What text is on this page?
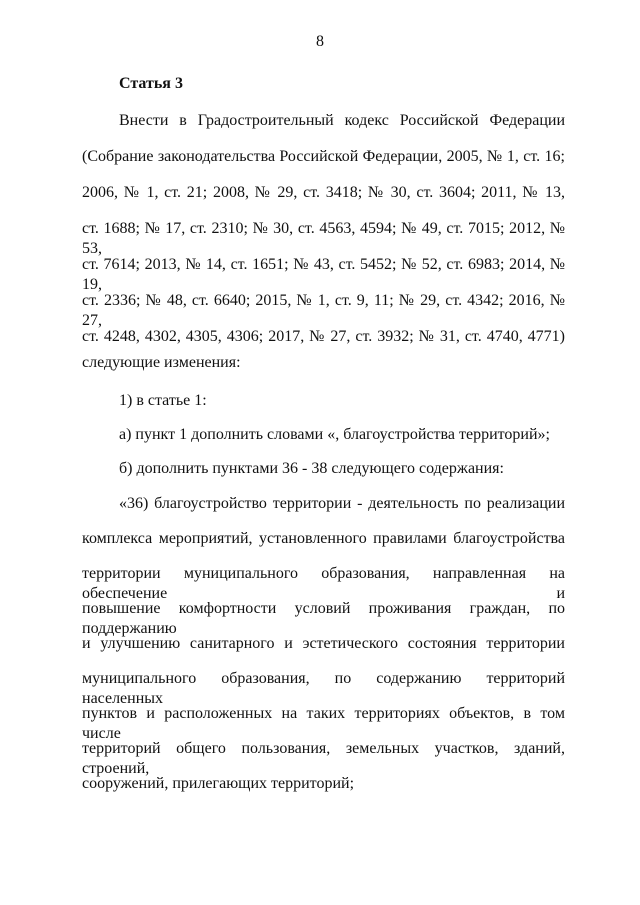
8
Статья 3
Внести в Градостроительный кодекс Российской Федерации
(Собрание законодательства Российской Федерации, 2005, № 1, ст. 16;
2006, № 1, ст. 21; 2008, № 29, ст. 3418; № 30, ст. 3604; 2011, № 13,
ст. 1688; № 17, ст. 2310; № 30, ст. 4563, 4594; № 49, ст. 7015; 2012, № 53,
ст. 7614; 2013, № 14, ст. 1651; № 43, ст. 5452; № 52, ст. 6983; 2014, № 19,
ст. 2336; № 48, ст. 6640; 2015, № 1, ст. 9, 11; № 29, ст. 4342; 2016, № 27,
ст. 4248, 4302, 4305, 4306; 2017, № 27, ст. 3932; № 31, ст. 4740, 4771)
следующие изменения:
1) в статье 1:
а) пункт 1 дополнить словами «, благоустройства территорий»;
б) дополнить пунктами 36 - 38 следующего содержания:
«36) благоустройство территории - деятельность по реализации
комплекса мероприятий, установленного правилами благоустройства
территории муниципального образования, направленная на обеспечение и
повышение комфортности условий проживания граждан, по поддержанию
и улучшению санитарного и эстетического состояния территории
муниципального образования, по содержанию территорий населенных
пунктов и расположенных на таких территориях объектов, в том числе
территорий общего пользования, земельных участков, зданий, строений,
сооружений, прилегающих территорий;
